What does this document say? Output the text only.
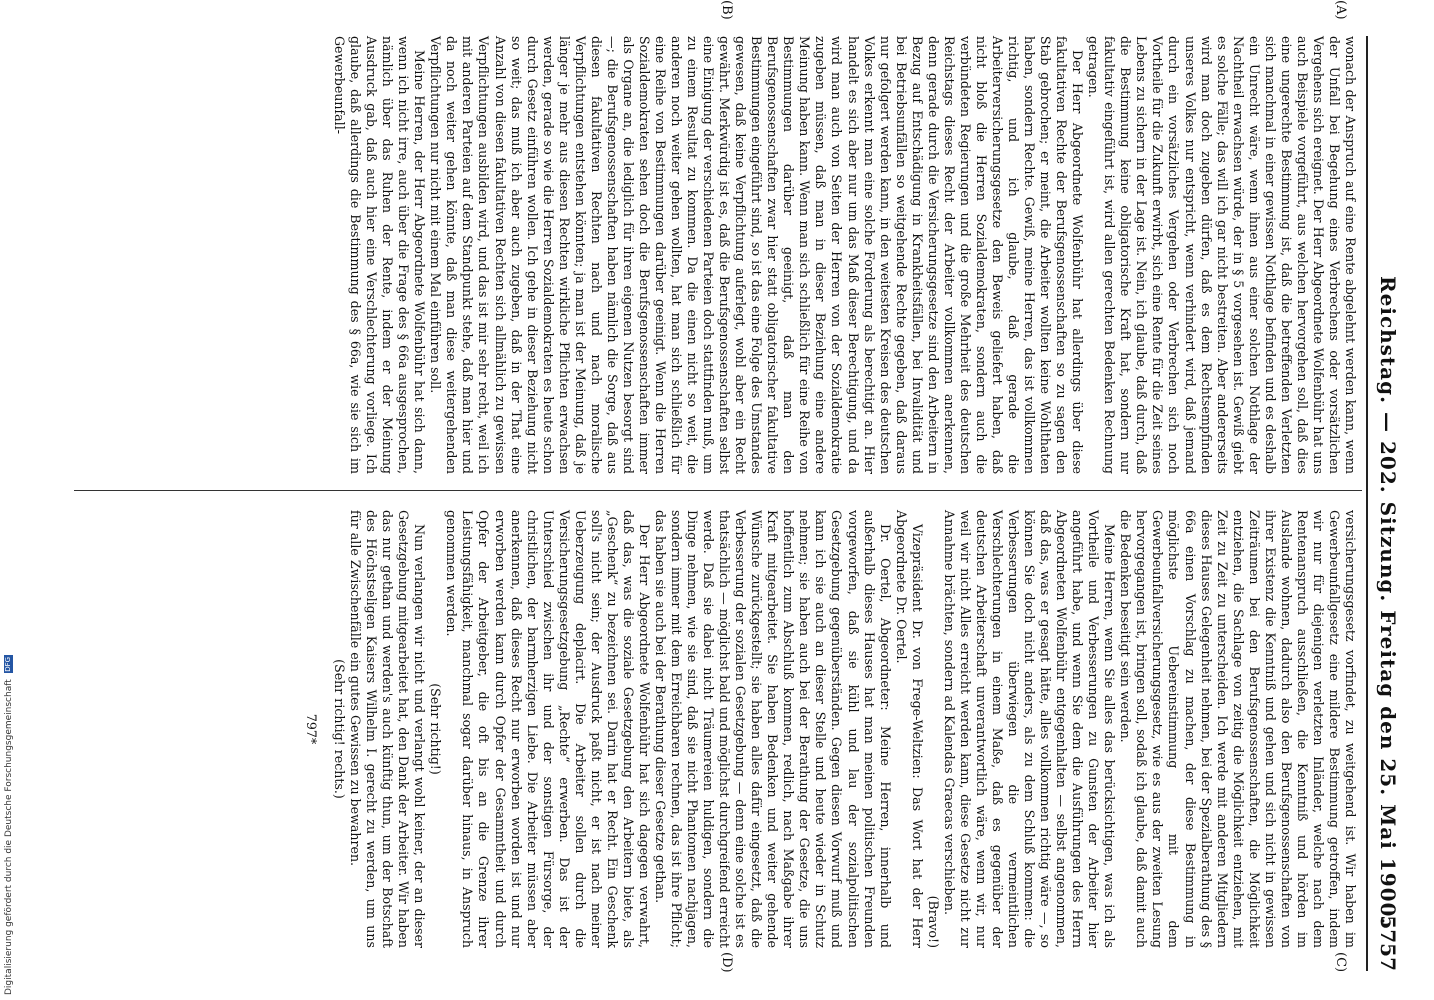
Reichstag. — 202. Sitzung. Freitag den 25. Mai 1900.
5757
(A)
(B)
(C)
(D)

wonach der Anspruch auf eine Rente abgelehnt werden kann, wenn der Unfall bei Begehung eines Verbrechens oder vorsätzlichen Vergehens sich ereignet. Der Herr Abgeordnete Wolfenbühr hat uns auch Beispiele vorgeführt, aus welchen hervorgehen soll, daß dies eine ungerechte Bestimmung ist, daß die betreffenden Verletzten sich manchmal in einer gewissen Nothlage befinden und es deshalb ein Unrecht wäre, wenn ihnen aus einer solchen Nothlage der Nachtheil erwachsen würde, der in § 5 vorgesehen ist. Gewiß giebt es solche Fälle; das will ich gar nicht bestreiten. Aber andererseits wird man doch zugeben dürfen, daß es dem Rechtsempfinden unseres Volkes nur entspricht, wenn verhindert wird, daß jemand durch ein vorsätzliches Vergehen oder Verbrechen sich noch Vortheile für die Zukunft erwirbt, sich eine Rente für die Zeit seines Lebens zu sichern in der Lage ist. Nein, ich glaube, daß durch, daß die Bestimmung keine obligatorische Kraft hat, sondern nur fakultativ eingeführt ist, wird allen gerechten Bedenken Rechnung getragen.

Der Herr Abgeordnete Wolfenbühr hat allerdings über diese fakultativen Rechte der Berufsgenossenschaften so zu sagen den Stab gebrochen; er meint, die Arbeiter wollten keine Wohlthaten haben, sondern Rechte. Gewiß, meine Herren, das ist vollkommen richtig, und ich glaube, daß gerade die Arbeiterversicherungsgesetze den Beweis geliefert haben, daß nicht bloß die Herren Sozialdemokraten, sondern auch die verbündeten Regierungen und die große Mehrheit des deutschen Reichstags dieses Recht der Arbeiter vollkommen anerkennen, denn gerade durch die Versicherungsgesetze sind den Arbeitern in Bezug auf Entschädigung in Krankheitsfällen, bei Invalidität und bei Betriebsunfällen so weitgehende Rechte gegeben, daß daraus nur gefolgert werden kann, in den weitesten Kreisen des deutschen Volkes erkennt man eine solche Forderung als berechtigt an. Hier handelt es sich aber nur um das Maß dieser Berechtigung, und da wird man auch von Seiten der Herren von der Sozialdemokratie zugeben müssen, daß man in dieser Beziehung eine andere Meinung haben kann. Wenn man sich schließlich für eine Reihe von Bestimmungen darüber geeinigt, daß man den Berufsgenossenschaften zwar hier statt obligatorischer fakultative Bestimmungen eingeführt sind, so ist das eine Folge des Umstandes gewesen, daß keine Verpflichtung auferlegt, wohl aber ein Recht gewährt. Merkwürdig ist es, daß die Berufsgenossenschaften selbst eine Einigung der verschiedenen Parteien doch stattfinden muß, um zu einem Resultat zu kommen. Da die einen nicht so weit, die anderen noch weiter gehen wollten, hat man sich schließlich für eine Reihe von Bestimmungen darüber geeinigt. Wenn die Herren Sozialdemokraten sehen doch die Berufsgenossenschaften immer als Organe an, die lediglich für ihren eigenen Nutzen besorgt sind —; die Berufsgenossenschaften haben nämlich die Sorge, daß aus diesen fakultativen Rechten nach und nach moralische Verpflichtungen entstehen könnten; ja man ist der Meinung, daß je länger je mehr aus diesen Rechten wirkliche Pflichten erwachsen werden, gerade so wie die Herren Sozialdemokraten es heute schon durch Gesetz einführen wollen. Ich gehe in dieser Beziehung nicht so weit; das muß ich aber auch zugeben, daß in der That eine Anzahl von diesen fakultativen Rechten sich allmählich zu gewissen Verpflichtungen ausbilden wird, und das ist mir sehr recht, weil ich mit anderen Parteien auf dem Standpunkt stehe, daß man hier und da noch weiter gehen könnte, daß man diese weitergehenden Verpflichtungen nur nicht mit einem Mal einführen soll.

Meine Herren, der Herr Abgeordnete Wolfenbühr hat sich dann, wenn ich nicht irre, auch über die Frage des § 66a ausgesprochen, nämlich über das Ruhen der Rente, indem er der Meinung Ausdruck gab, daß auch hier eine Verschlechterung vorliege. Ich glaube, daß allerdings die Bestimmung des § 66a, wie sie sich im Gewerbeunfall-

versicherungsgesetz vorfindet, zu weitgehend ist. Wir haben im Gewerbeunfallgesetz eine mildere Bestimmung getroffen, indem wir nur für diejenigen verletzten Inländer, welche nach dem Rentenanspruch ausschließen, die Kenntniß und hörden im Auslande wohnen, dadurch also den Berufsgenossenschaften von ihrer Existenz die Kenntniß und gehen und sich nicht in gewissen Zeiträumen bei den Berufsgenossenschaften, die Möglichkeit entziehen, die Sachlage von zeitig die Möglichkeit entziehen, mit Zeit zu Zeit zu unterscheiden. Ich werde mit anderen Mitgliedern dieses Hauses Gelegenheit nehmen, bei der Spezialberathung des § 66a einen Vorschlag zu machen, der diese Bestimmung in möglichste Uebereinstimmung mit dem Gewerbeunfallversicherungsgesetz, wie es aus der zweiten Lesung hervorgegangen ist, bringen soll, sodaß ich glaube, daß damit auch die Bedenken beseitigt sein werden.

Meine Herren, wenn Sie alles das berücksichtigen, was ich als Vortheile und Verbesserungen zu Gunsten der Arbeiter hier angeführt habe, und wenn Sie dem die Ausführungen des Herrn Abgeordneten Wolfenbühr entgegenhalten — selbst angenommen, daß das, was er gesagt hätte, alles vollkommen richtig wäre —, so können Sie doch nicht anders, als zu dem Schluß kommen: die Verbesserungen überwiegen die vermeintlichen Verschlechterungen in einem Maße, daß es gegenüber der deutschen Arbeiterschaft unverantwortlich wäre, wenn wir, nur weil wir nicht Alles erreicht werden kann, diese Gesetze nicht zur Annahme brächten, sondern ad Kalendas Graecas verschieben.

(Bravo!)

Vizepräsident Dr. von Frege-Weltzien: Das Wort hat der Herr Abgeordnete Dr. Oertel.

Dr. Oertel, Abgeordneter: Meine Herren, innerhalb und außerhalb dieses Hauses hat man meinen politischen Freunden vorgeworfen, daß sie kühl und lau der sozialpolitischen Gesetzgebung gegenüberständen. Gegen diesen Vorwurf muß und kann ich sie auch an dieser Stelle und heute wieder in Schutz nehmen; sie haben auch bei der Berathung der Gesetze, die uns hoffentlich zum Abschluß kommen, redlich, nach Maßgabe ihrer Kraft mitgearbeitet. Sie haben Bedenken und weiter gehende Wünsche zurückgestellt; sie haben alles dafür eingesetzt, daß die Verbesserung der sozialen Gesetzgebung — denn eine solche ist es thatsächlich — möglichst bald und möglichst durchgreifend erreicht werde. Daß sie dabei nicht Träumereien huldigen, sondern die Dinge nehmen, wie sie sind, daß sie nicht Phantomen nachjagen, sondern immer mit dem Erreichbaren rechnen, das ist ihre Pflicht; das haben sie auch bei der Berathung dieser Gesetze gethan.

Der Herr Abgeordnete Wolfenbühr hat sich dagegen verwahrt, daß das, was die soziale Gesetzgebung den Arbeitern biete, als „Geschenk“ zu bezeichnen sei. Darin hat er Recht. Ein Geschenk soll's nicht sein; der Ausdruck paßt nicht, er ist nach meiner Ueberzeugung deplacirt. Die Arbeiter sollen durch die Versicherungsgesetzgebung „Rechte“ erwerben. Das ist der Unterschied zwischen ihr und der sonstigen Fürsorge, der christlichen, der barmherzigen Liebe. Die Arbeiter müssen aber anerkennen, daß dieses Recht nur erworben worden ist und nur erworben werden kann durch Opfer der Gesammtheit und durch Opfer der Arbeitgeber, die oft bis an die Grenze ihrer Leistungsfähigkeit, manchmal sogar darüber hinaus, in Anspruch genommen werden.

(Sehr richtig!)

Nun verlangen wir nicht und verlangt wohl keiner, der an dieser Gesetzgebung mitgearbeitet hat, den Dank der Arbeiter. Wir haben das nur gethan und werden's auch künftig thun, um der Botschaft des Höchstseligen Kaisers Wilhelm I. gerecht zu werden, um uns für alle Zwischenfälle ein gutes Gewissen zu bewahren.

(Sehr richtig! rechts.)

797*

Digitalisierung gefördert durch die Deutsche Forschungsgemeinschaft DFG
